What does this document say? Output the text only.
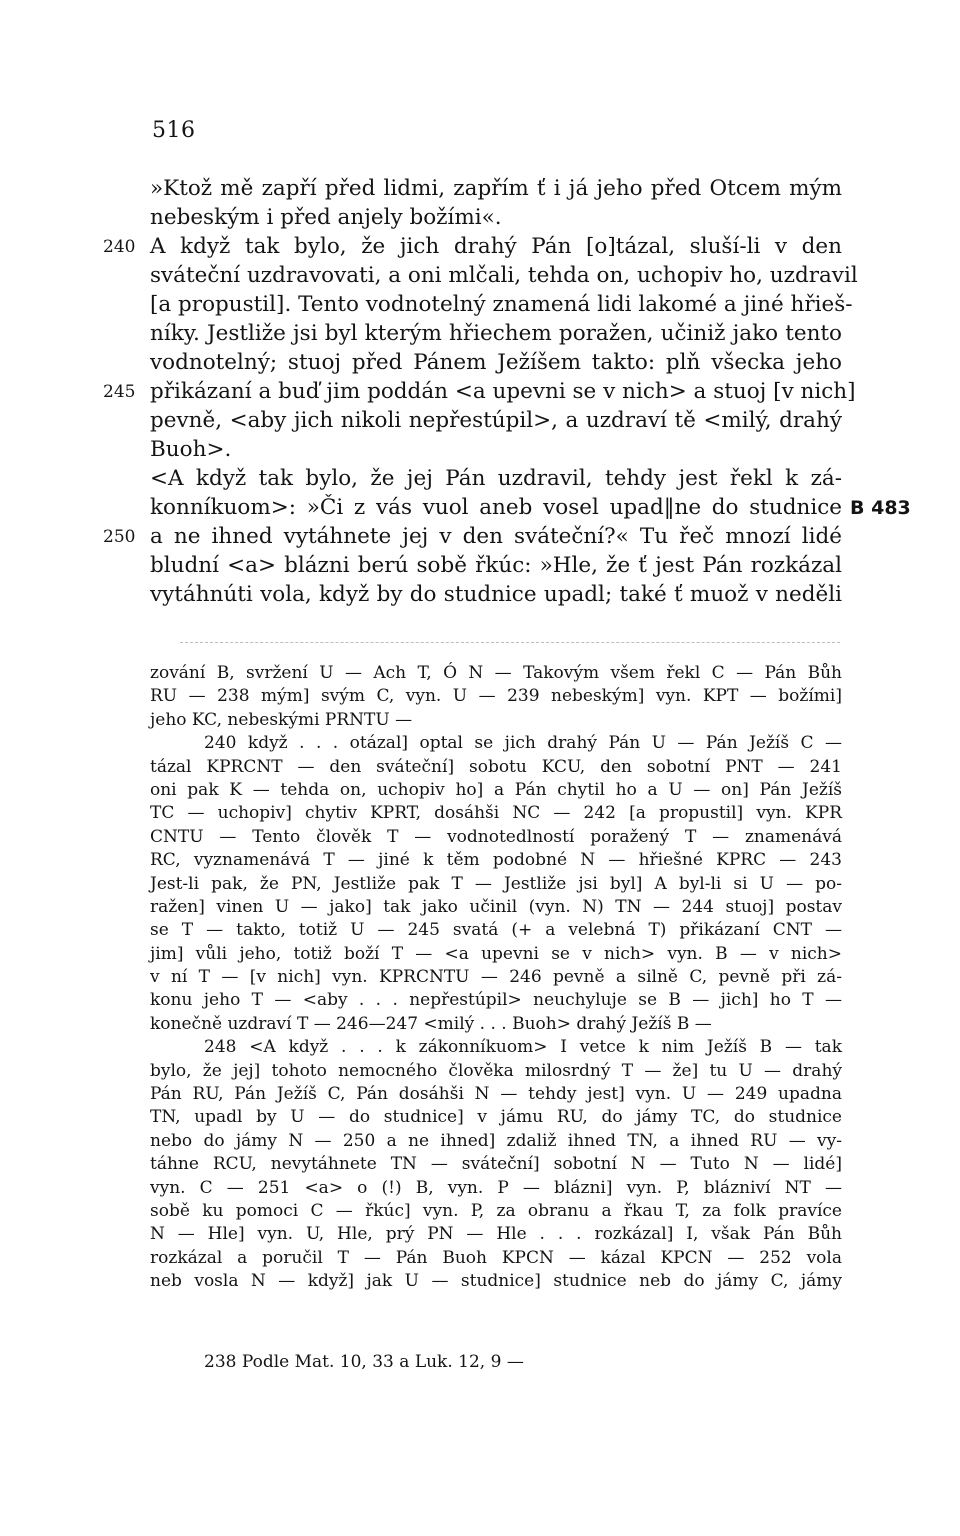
516
»Ktož mě zapří před lidmi, zapřím ť i já jeho před Otcem mým
nebeským i před anjely božími«.
240 A když tak bylo, že jich drahý Pán [o]tázal, sluší-li v den
sváteční uzdravovati, a oni mlčali, tehda on, uchopiv ho, uzdravil
[a propustil]. Tento vodnotelný znamená lidi lakomé a jiné hřieš-
níky. Jestliže jsi byl kterým hřiechem poražen, učiniž jako tento
vodnotelný; stuoj před Pánem Ježíšem takto: plň všecka jeho
245 přikázaní a buď jim poddán <a upevni se v nich> a stuoj [v nich]
pevně, <aby jich nikoli nepřestúpil>, a uzdraví tě <milý, drahý
Buoh>.
<A když tak bylo, že jej Pán uzdravil, tehdy jest řekl k zá-
konníkuom>: »Či z vás vuol aneb vosel upad‖ne do studnice B 483
250 a ne ihned vytáhnete jej v den sváteční?« Tu řeč mnozí lidé
bludní <a> blázni berú sobě řkúc: »Hle, že ť jest Pán rozkázal
vytáhnúti vola, když by do studnice upadl; také ť muož v neděli
zování B, svržení U — Ach T, Ó N — Takovým všem řekl C — Pán Bůh
RU — 238 mým] svým C, vyn. U — 239 nebeským] vyn. KPT — božími]
jeho KC, nebeskými PRNTU —
240 když . . . otázal] optal se jich drahý Pán U — Pán Ježíš C —
tázal KPRCNT — den sváteční] sobotu KCU, den sobotní PNT — 241
oni pak K — tehda on, uchopiv ho] a Pán chytil ho a U — on] Pán Ježíš
TC — uchopiv] chytiv KPRT, dosáhši NC — 242 [a propustil] vyn. KPR
CNTU — Tento člověk T — vodnotedlností poražený T — znamenává
RC, vyznamenává T — jiné k těm podobné N — hřiešné KPRC — 243
Jest-li pak, že PN, Jestliže pak T — Jestliže jsi byl] A byl-li si U — po-
ražen] vinen U — jako] tak jako učinil (vyn. N) TN — 244 stuoj] postav
se T — takto, totiž U — 245 svatá (+ a velebná T) přikázaní CNT —
jim] vůli jeho, totiž boží T — <a upevni se v nich> vyn. B — v nich>
v ní T — [v nich] vyn. KPRCNTU — 246 pevně a silně C, pevně při zá-
konu jeho T — <aby . . . nepřestúpil> neuchyluje se B — jich] ho T —
konečně uzdraví T — 246—247 <milý . . . Buoh> drahý Ježíš B —
248 <A když . . . k zákonníkuom> I vetce k nim Ježíš B — tak
bylo, že jej] tohoto nemocného člověka milosrdný T — že] tu U — drahý
Pán RU, Pán Ježíš C, Pán dosáhši N — tehdy jest] vyn. U — 249 upadna
TN, upadl by U — do studnice] v jámu RU, do jámy TC, do studnice
nebo do jámy N — 250 a ne ihned] zdaliž ihned TN, a ihned RU — vy-
táhne RCU, nevytáhnete TN — sváteční] sobotní N — Tuto N — lidé]
vyn. C — 251 <a> o (!) B, vyn. P — blázni] vyn. P, blázniví NT —
sobě ku pomoci C — řkúc] vyn. P, za obranu a řkau T, za folk pravíce
N — Hle] vyn. U, Hle, prý PN — Hle . . . rozkázal] I, však Pán Bůh
rozkázal a poručil T — Pán Buoh KPCN — kázal KPCN — 252 vola
neb vosla N — když] jak U — studnice] studnice neb do jámy C, jámy
238 Podle Mat. 10, 33 a Luk. 12, 9 —
